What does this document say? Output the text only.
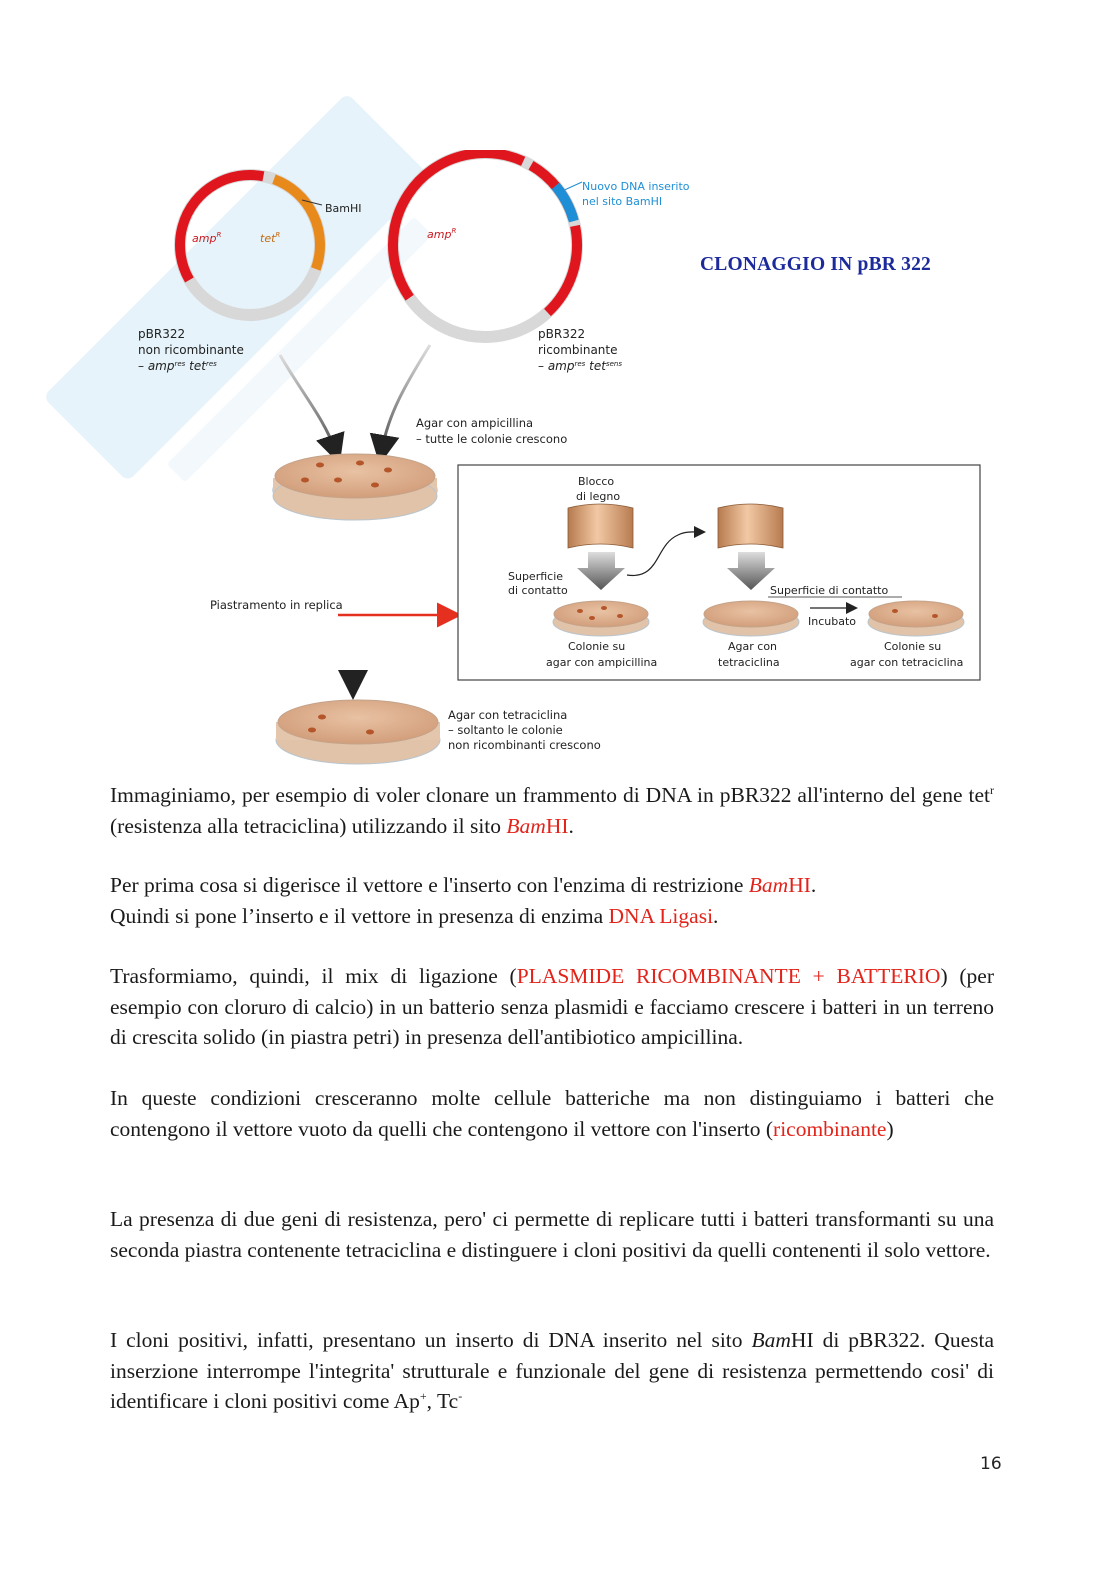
BamHI
amp$^R$	tet$^R$
pBR322
non ricombinante
– amp$^{res}$ tet$^{res}$
Nuovo DNA inserito
nel sito BamHI
amp$^R$
pBR322
ricombinante
– amp$^{res}$ tet$^{sens}$
Agar con ampicillina
– tutte le colonie crescono
Piastramento in replica
Blocco
di legno
Superficie
di contatto	Superficie di contatto
Incubato
Colonie su
agar con ampicillina
Agar con
tetraciclina
Colonie su
agar con tetraciclina
Agar con tetraciclina
– soltanto le colonie
non ricombinanti crescono
CLONAGGIO IN pBR 322

Immaginiamo, per esempio di voler clonare un frammento di DNA in pBR322 all'interno del gene tet$^r$ (resistenza alla tetraciclina) utilizzando il sito BamHI.

Per prima cosa si digerisce il vettore e l'inserto con l'enzima di restrizione BamHI.
Quindi si pone l’inserto e il vettore in presenza di enzima DNA Ligasi.

Trasformiamo, quindi, il mix di ligazione (PLASMIDE RICOMBINANTE + BATTERIO) (per esempio con cloruro di calcio) in un batterio senza plasmidi e facciamo crescere i batteri in un terreno di crescita solido (in piastra petri) in presenza dell'antibiotico ampicillina.

In queste condizioni cresceranno molte cellule batteriche ma non distinguiamo i batteri che contengono il vettore vuoto da quelli che contengono il vettore con l'inserto (ricombinante)

La presenza di due geni di resistenza, pero' ci permette di replicare tutti i batteri transformanti su una seconda piastra contenente tetraciclina e distinguere i cloni positivi da quelli contenenti il solo vettore.

I cloni positivi, infatti, presentano un inserto di DNA inserito nel sito BamHI di pBR322. Questa inserzione interrompe l'integrita' strutturale e funzionale del gene di resistenza permettendo cosi' di identificare i cloni positivi come Ap+, Tc-

16
